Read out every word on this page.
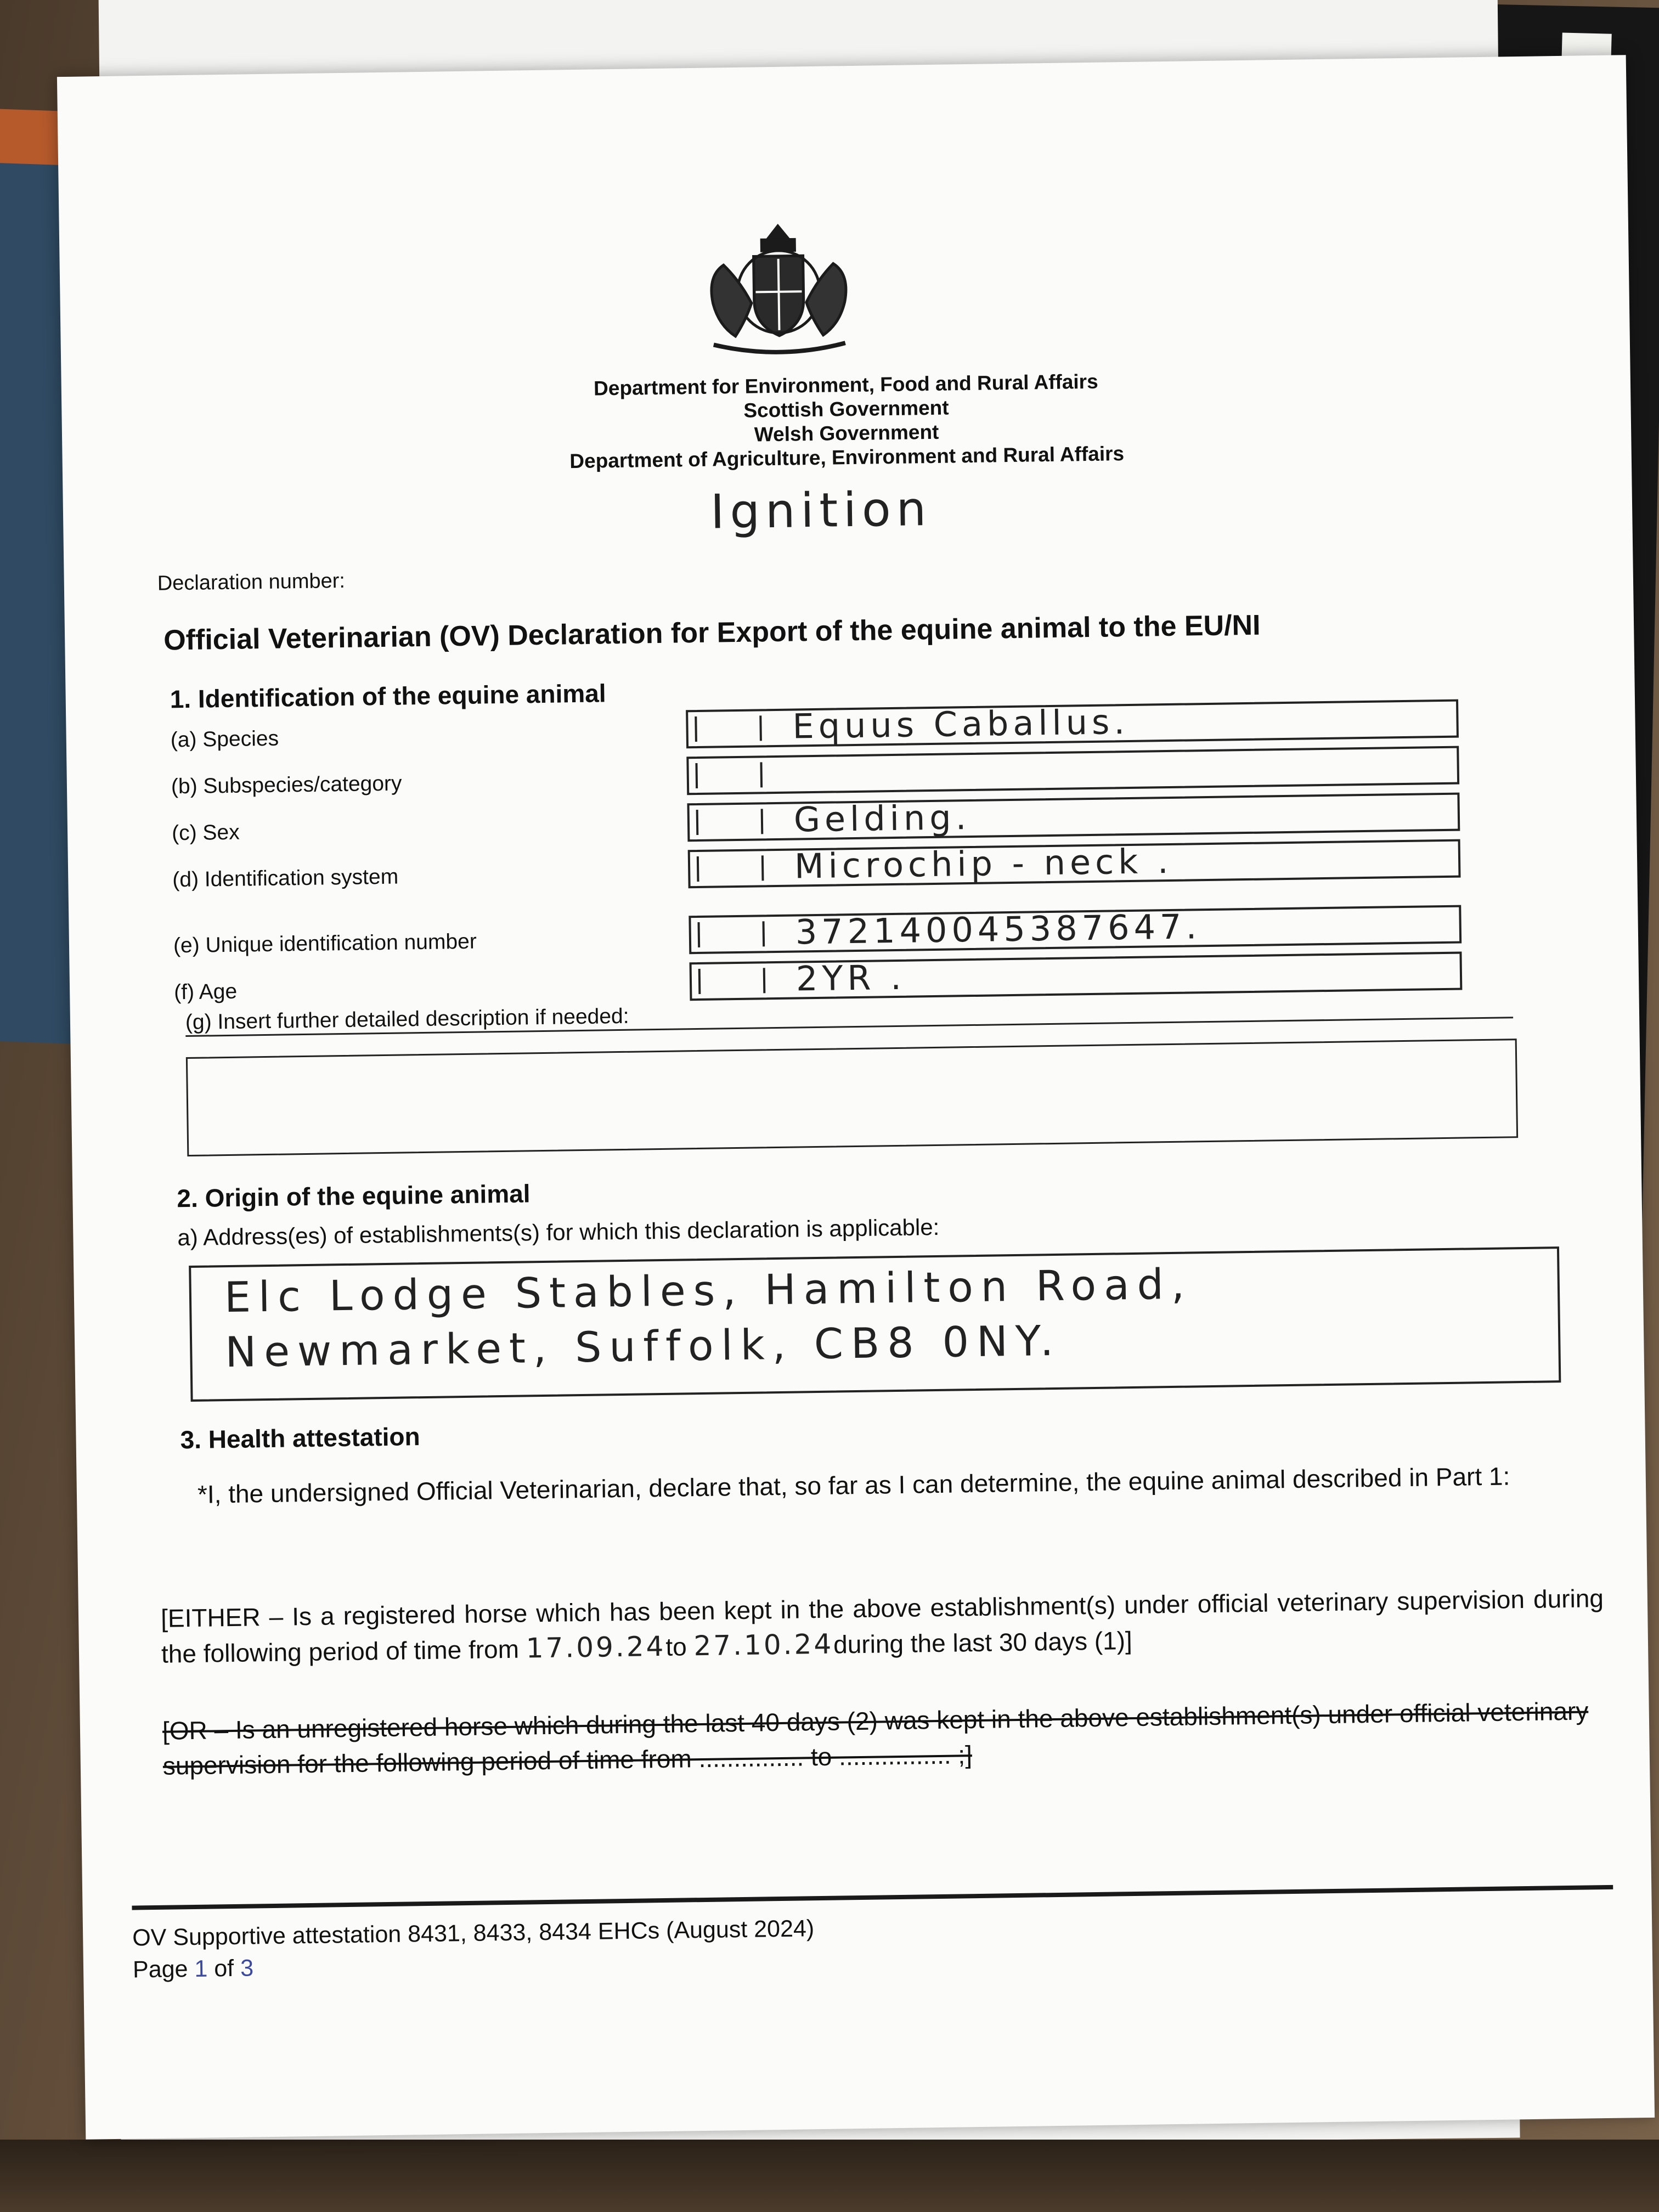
Department for Environment, Food and Rural Affairs
Scottish Government
Welsh Government
Department of Agriculture, Environment and Rural Affairs
Ignition
Declaration number:
Official Veterinarian (OV) Declaration for Export of the equine animal to the EU/NI
1. Identification of the equine animal
(a) Species	Equus Caballus.
(b) Subspecies/category
(c) Sex	Gelding.
(d) Identification system	Microchip - neck .
(e) Unique identification number	372140045387647.
(f) Age	2YR .
(g) Insert further detailed description if needed:
2. Origin of the equine animal
a) Address(es) of establishments(s) for which this declaration is applicable:
Elc Lodge Stables, Hamilton Road,
Newmarket, Suffolk, CB8 0NY.
3. Health attestation
*I, the undersigned Official Veterinarian, declare that, so far as I can determine, the equine animal described in Part 1:
[EITHER – Is a registered horse which has been kept in the above establishment(s) under official veterinary supervision during the following period of time from 17.09.24to 27.10.24during the last 30 days (1)]
[OR – Is an unregistered horse which during the last 40 days (2) was kept in the above establishment(s) under official veterinary supervision for the following period of time from ............... to ................ ;]
OV Supportive attestation 8431, 8433, 8434 EHCs (August 2024)
Page 1 of 3
